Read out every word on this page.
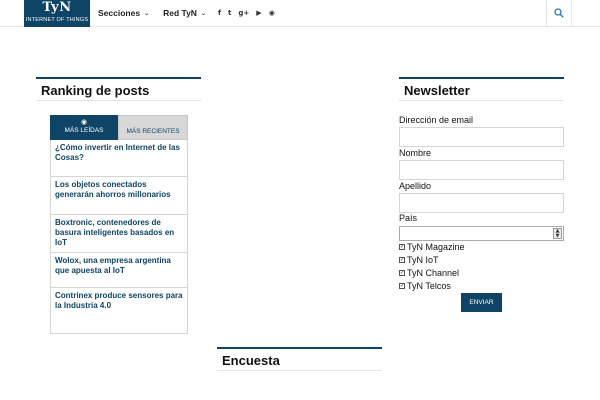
TyN
INTERNET OF THINGS
Secciones ⌄ Red TyN ⌄ f t g+ ▶ ◉
Ranking de posts
◉
MÁS LEÍDAS	MÁS RECIENTES
¿Cómo invertir en Internet de las Cosas?
Los objetos conectados generarán ahorros millonarios
Boxtronic, contenedores de basura inteligentes basados en IoT
Wolox, una empresa argentina que apuesta al IoT
Contrinex produce sensores para la Industria 4.0
Newsletter
Dirección de email
Nombre
Apellido
País
▲
▼
✓ TyN Magazine
✓ TyN IoT
✓ TyN Channel
✓ TyN Telcos
ENVIAR
Encuesta
